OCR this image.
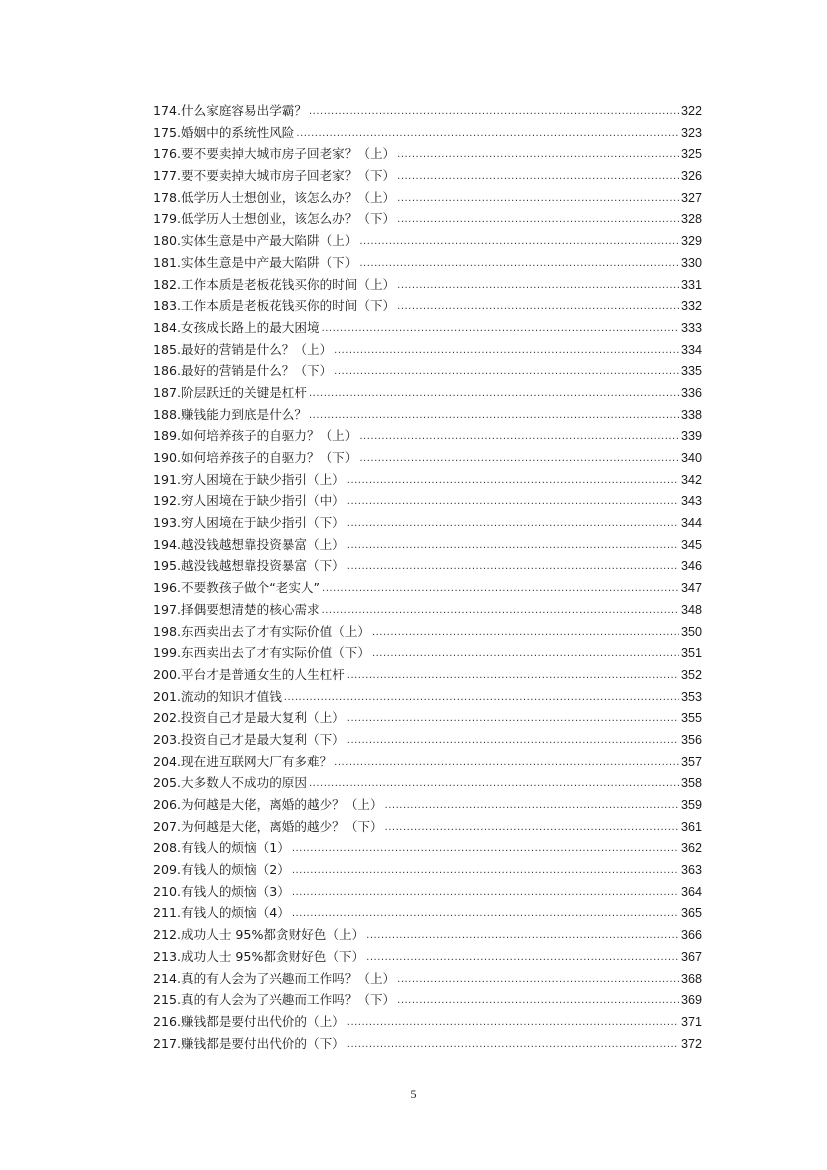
174.什么家庭容易出学霸？ .....	322
175.婚姻中的系统性风险 .....	323
176.要不要卖掉大城市房子回老家？（上） .....	325
177.要不要卖掉大城市房子回老家？（下） .....	326
178.低学历人士想创业，该怎么办？（上） .....	327
179.低学历人士想创业，该怎么办？（下） .....	328
180.实体生意是中产最大陷阱（上） .....	329
181.实体生意是中产最大陷阱（下） .....	330
182.工作本质是老板花钱买你的时间（上） .....	331
183.工作本质是老板花钱买你的时间（下） .....	332
184.女孩成长路上的最大困境 .....	333
185.最好的营销是什么？（上） .....	334
186.最好的营销是什么？（下） .....	335
187.阶层跃迁的关键是杠杆 .....	336
188.赚钱能力到底是什么？ .....	338
189.如何培养孩子的自驱力？（上） .....	339
190.如何培养孩子的自驱力？（下） .....	340
191.穷人困境在于缺少指引（上） .....	342
192.穷人困境在于缺少指引（中） .....	343
193.穷人困境在于缺少指引（下） .....	344
194.越没钱越想靠投资暴富（上） .....	345
195.越没钱越想靠投资暴富（下） .....	346
196.不要教孩子做个“老实人” .....	347
197.择偶要想清楚的核心需求 .....	348
198.东西卖出去了才有实际价值（上） .....	350
199.东西卖出去了才有实际价值（下） .....	351
200.平台才是普通女生的人生杠杆 .....	352
201.流动的知识才值钱 .....	353
202.投资自己才是最大复利（上） .....	355
203.投资自己才是最大复利（下） .....	356
204.现在进互联网大厂有多难？ .....	357
205.大多数人不成功的原因 .....	358
206.为何越是大佬，离婚的越少？（上） .....	359
207.为何越是大佬，离婚的越少？（下） .....	361
208.有钱人的烦恼（1） .....	362
209.有钱人的烦恼（2） .....	363
210.有钱人的烦恼（3） .....	364
211.有钱人的烦恼（4） .....	365
212.成功人士 95%都贪财好色（上） .....	366
213.成功人士 95%都贪财好色（下） .....	367
214.真的有人会为了兴趣而工作吗？（上） .....	368
215.真的有人会为了兴趣而工作吗？（下） .....	369
216.赚钱都是要付出代价的（上） .....	371
217.赚钱都是要付出代价的（下） .....	372
5
